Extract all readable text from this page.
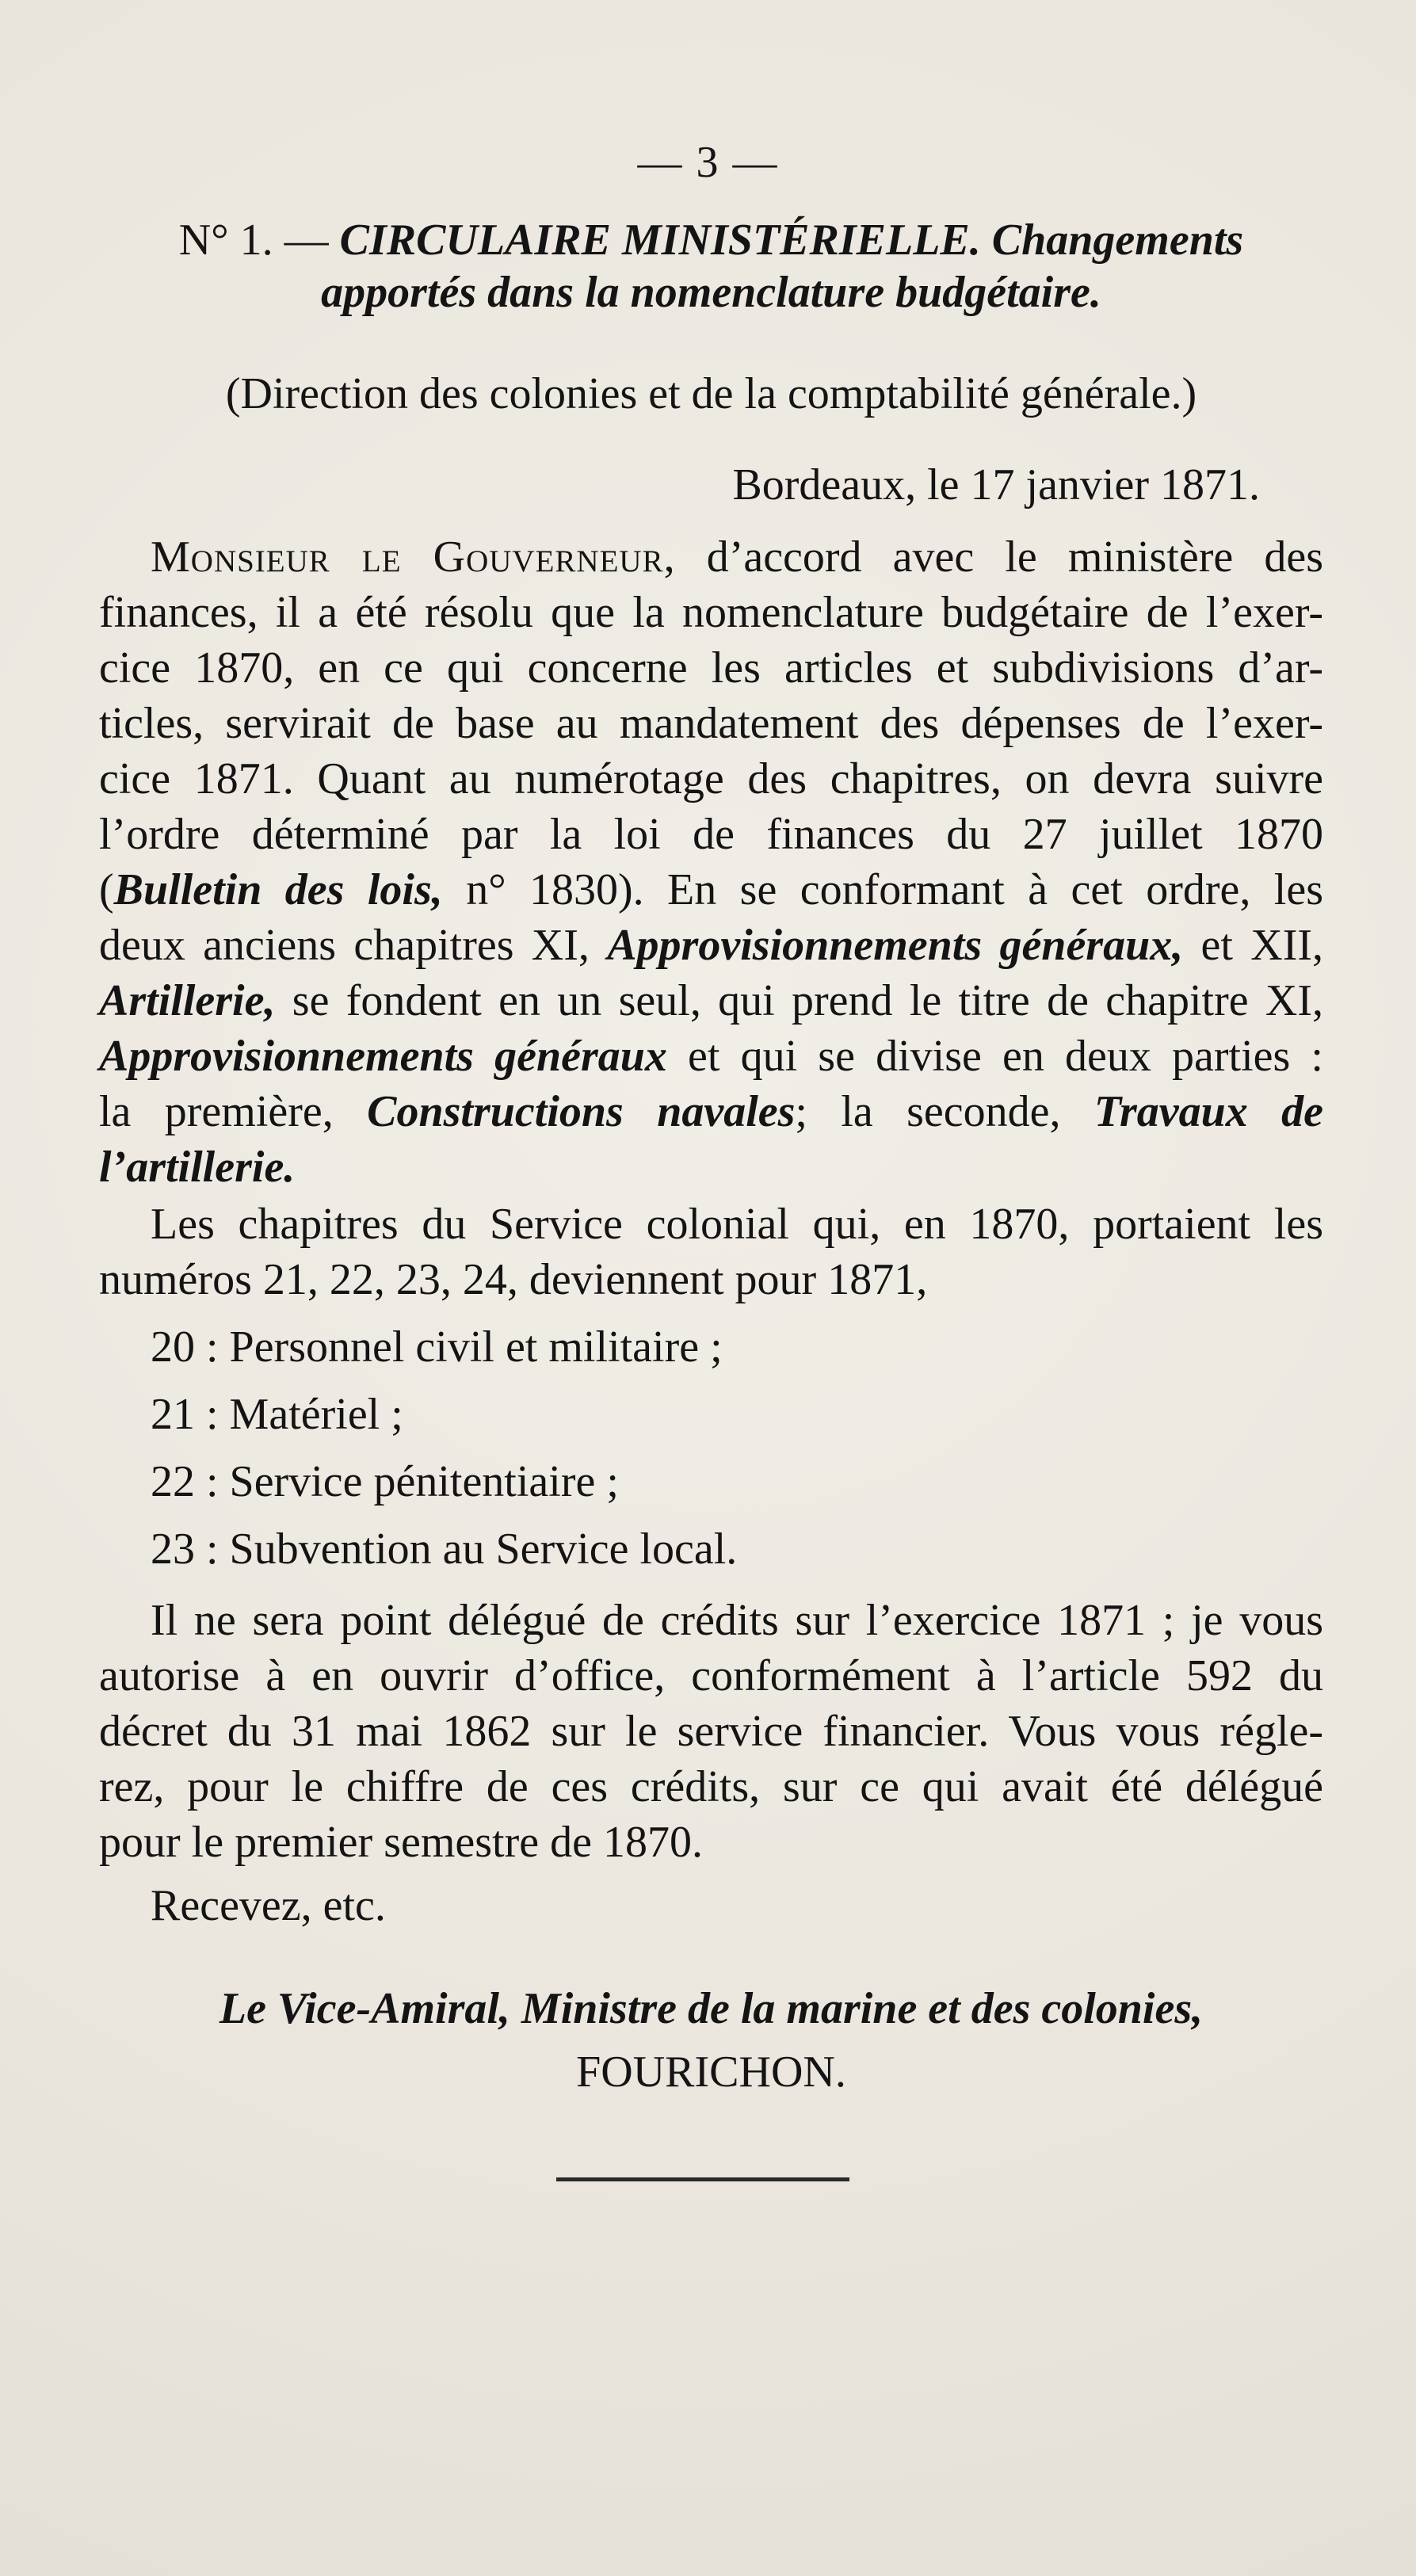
— 3 —

N° 1. — CIRCULAIRE MINISTÉRIELLE. Changements

apportés dans la nomenclature budgétaire.

(Direction des colonies et de la comptabilité générale.)

Bordeaux, le 17 janvier 1871.

Monsieur le Gouverneur, d’accord avec le ministère des

finances, il a été résolu que la nomenclature budgétaire de l’exer-

cice 1870, en ce qui concerne les articles et subdivisions d’ar-

ticles, servirait de base au mandatement des dépenses de l’exer-

cice 1871. Quant au numérotage des chapitres, on devra suivre

l’ordre déterminé par la loi de finances du 27 juillet 1870

(Bulletin des lois, n° 1830). En se conformant à cet ordre, les

deux anciens chapitres XI, Approvisionnements généraux, et XII,

Artillerie, se fondent en un seul, qui prend le titre de chapitre XI,

Approvisionnements généraux et qui se divise en deux parties :

la première, Constructions navales; la seconde, Travaux de

l’artillerie.

Les chapitres du Service colonial qui, en 1870, portaient les

numéros 21, 22, 23, 24, deviennent pour 1871,

20 : Personnel civil et militaire ;

21 : Matériel ;

22 : Service pénitentiaire ;

23 : Subvention au Service local.

Il ne sera point délégué de crédits sur l’exercice 1871 ; je vous

autorise à en ouvrir d’office, conformément à l’article 592 du

décret du 31 mai 1862 sur le service financier. Vous vous régle-

rez, pour le chiffre de ces crédits, sur ce qui avait été délégué

pour le premier semestre de 1870.

Recevez, etc.

Le Vice-Amiral, Ministre de la marine et des colonies,

FOURICHON.
